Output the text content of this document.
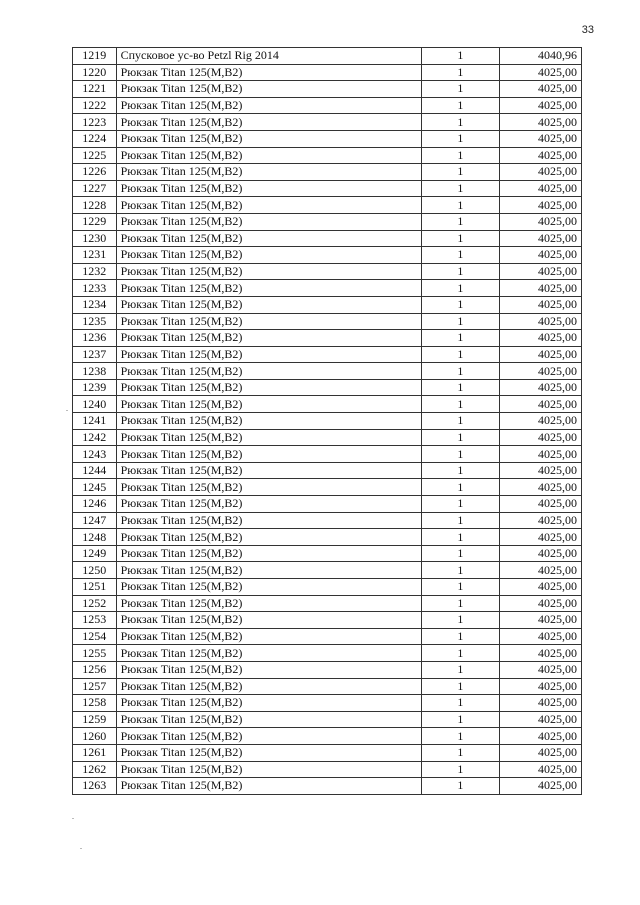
33
1219	Спусковое ус-во Petzl Rig 2014	1	4040,96
1220	Рюкзак Titan 125(M,B2)	1	4025,00
1221	Рюкзак Titan 125(M,B2)	1	4025,00
1222	Рюкзак Titan 125(M,B2)	1	4025,00
1223	Рюкзак Titan 125(M,B2)	1	4025,00
1224	Рюкзак Titan 125(M,B2)	1	4025,00
1225	Рюкзак Titan 125(M,B2)	1	4025,00
1226	Рюкзак Titan 125(M,B2)	1	4025,00
1227	Рюкзак Titan 125(M,B2)	1	4025,00
1228	Рюкзак Titan 125(M,B2)	1	4025,00
1229	Рюкзак Titan 125(M,B2)	1	4025,00
1230	Рюкзак Titan 125(M,B2)	1	4025,00
1231	Рюкзак Titan 125(M,B2)	1	4025,00
1232	Рюкзак Titan 125(M,B2)	1	4025,00
1233	Рюкзак Titan 125(M,B2)	1	4025,00
1234	Рюкзак Titan 125(M,B2)	1	4025,00
1235	Рюкзак Titan 125(M,B2)	1	4025,00
1236	Рюкзак Titan 125(M,B2)	1	4025,00
1237	Рюкзак Titan 125(M,B2)	1	4025,00
1238	Рюкзак Titan 125(M,B2)	1	4025,00
1239	Рюкзак Titan 125(M,B2)	1	4025,00
1240	Рюкзак Titan 125(M,B2)	1	4025,00
1241	Рюкзак Titan 125(M,B2)	1	4025,00
1242	Рюкзак Titan 125(M,B2)	1	4025,00
1243	Рюкзак Titan 125(M,B2)	1	4025,00
1244	Рюкзак Titan 125(M,B2)	1	4025,00
1245	Рюкзак Titan 125(M,B2)	1	4025,00
1246	Рюкзак Titan 125(M,B2)	1	4025,00
1247	Рюкзак Titan 125(M,B2)	1	4025,00
1248	Рюкзак Titan 125(M,B2)	1	4025,00
1249	Рюкзак Titan 125(M,B2)	1	4025,00
1250	Рюкзак Titan 125(M,B2)	1	4025,00
1251	Рюкзак Titan 125(M,B2)	1	4025,00
1252	Рюкзак Titan 125(M,B2)	1	4025,00
1253	Рюкзак Titan 125(M,B2)	1	4025,00
1254	Рюкзак Titan 125(M,B2)	1	4025,00
1255	Рюкзак Titan 125(M,B2)	1	4025,00
1256	Рюкзак Titan 125(M,B2)	1	4025,00
1257	Рюкзак Titan 125(M,B2)	1	4025,00
1258	Рюкзак Titan 125(M,B2)	1	4025,00
1259	Рюкзак Titan 125(M,B2)	1	4025,00
1260	Рюкзак Titan 125(M,B2)	1	4025,00
1261	Рюкзак Titan 125(M,B2)	1	4025,00
1262	Рюкзак Titan 125(M,B2)	1	4025,00
1263	Рюкзак Titan 125(M,B2)	1	4025,00
